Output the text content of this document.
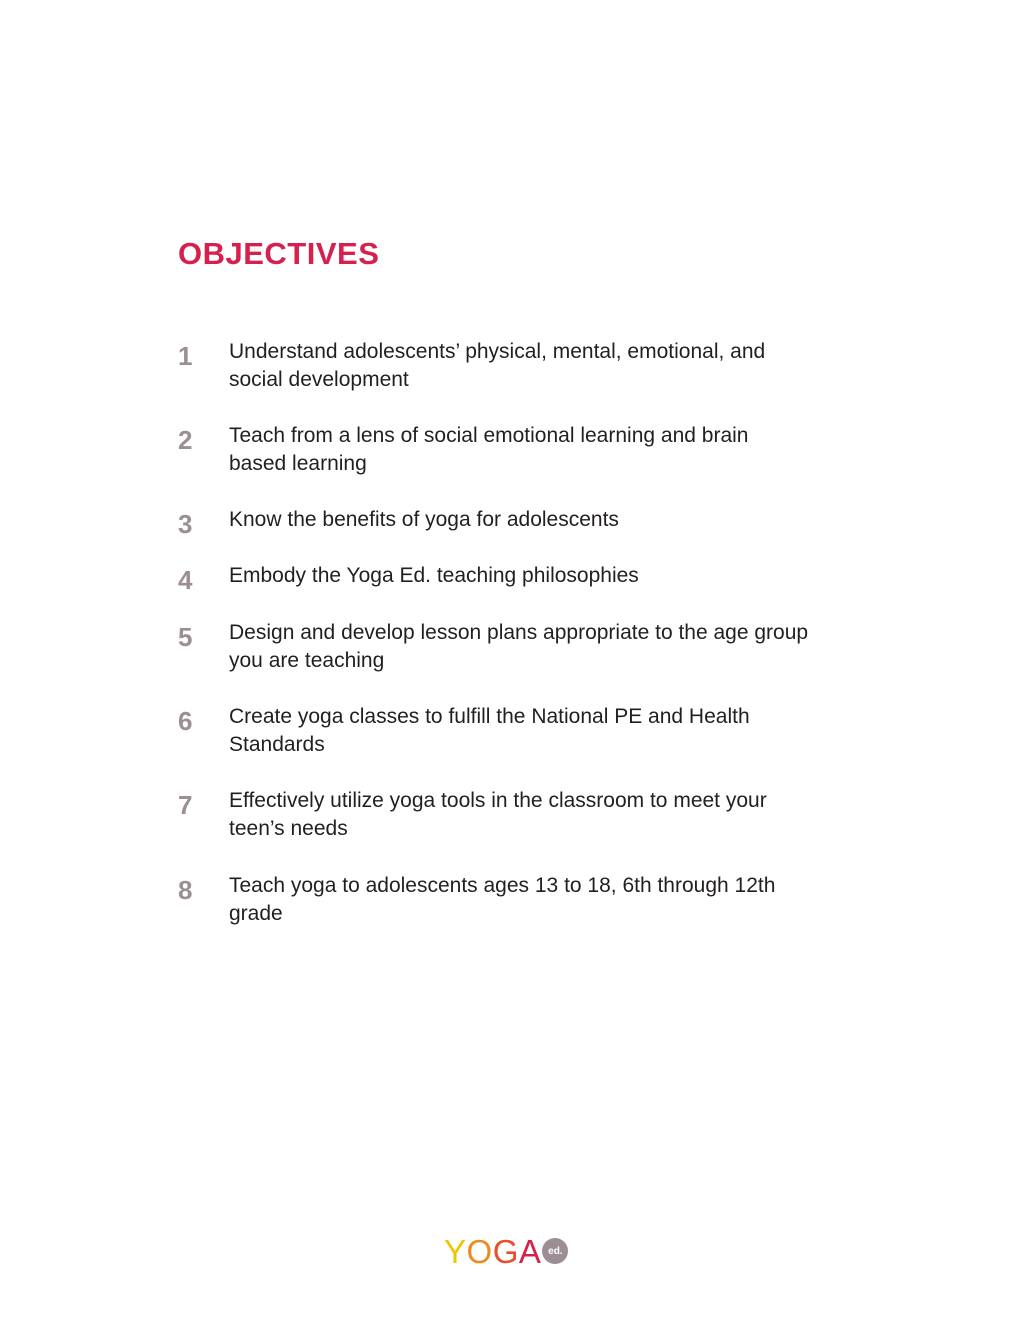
OBJECTIVES
1 Understand adolescents’ physical, mental, emotional, and social development
2 Teach from a lens of social emotional learning and brain based learning
3 Know the beneﬁts of yoga for adolescents
4 Embody the Yoga Ed. teaching philosophies
5 Design and develop lesson plans appropriate to the age group you are teaching
6 Create yoga classes to fulﬁll the National PE and Health Standards
7 Effectively utilize yoga tools in the classroom to meet your teen’s needs
8 Teach yoga to adolescents ages 13 to 18, 6th through 12th grade
Y O G A ed.
